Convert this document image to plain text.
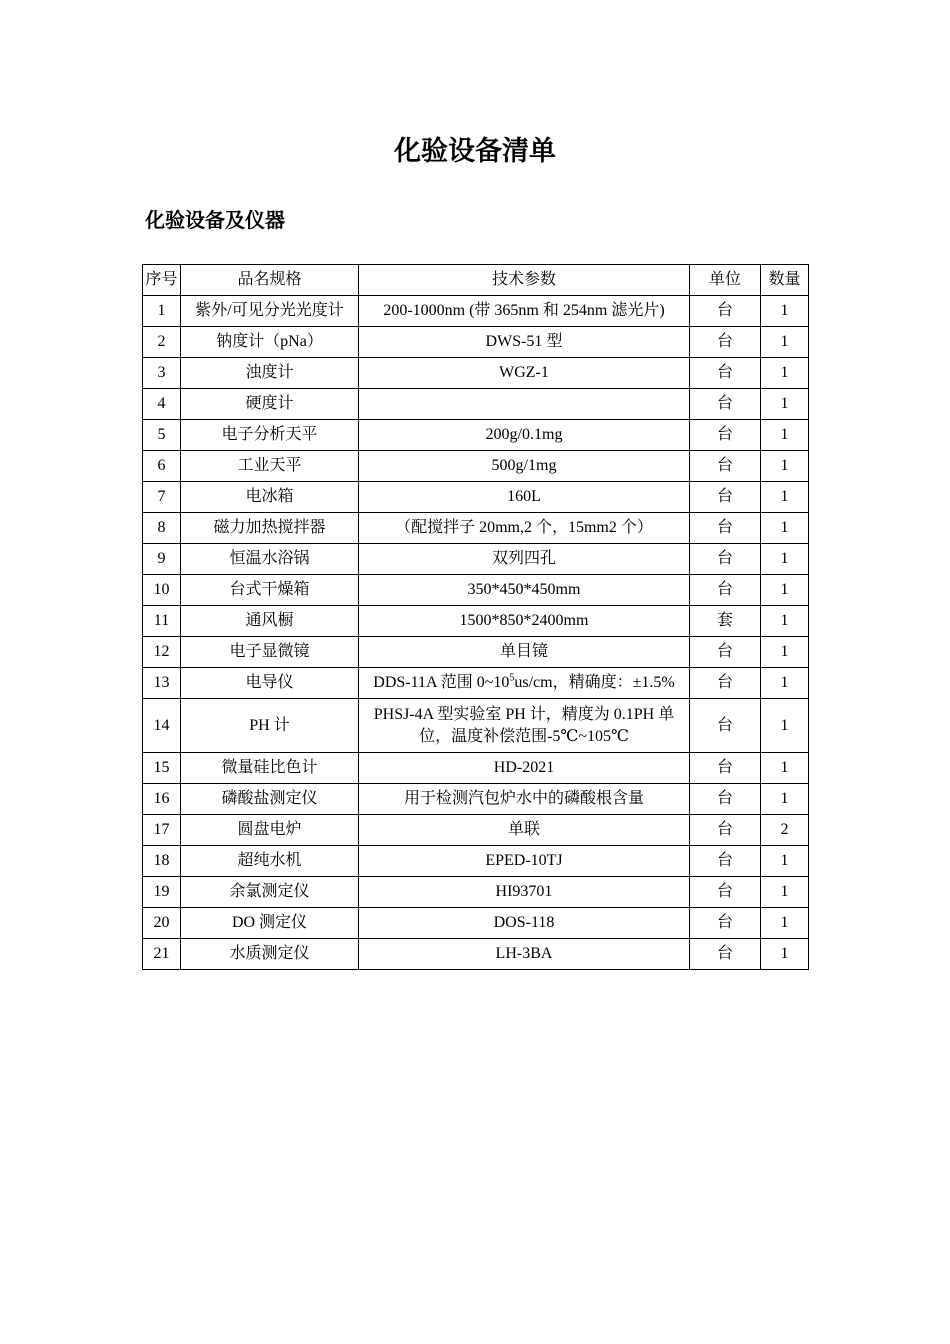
化验设备清单
化验设备及仪器
序号	品名规格	技术参数	单位	数量
1	紫外/可见分光光度计	200-1000nm (带 365nm 和 254nm 滤光片)	台	1
2	钠度计（pNa）	DWS-51 型	台	1
3	浊度计	WGZ-1	台	1
4	硬度计		台	1
5	电子分析天平	200g/0.1mg	台	1
6	工业天平	500g/1mg	台	1
7	电冰箱	160L	台	1
8	磁力加热搅拌器	（配搅拌子 20mm,2 个，15mm2 个）	台	1
9	恒温水浴锅	双列四孔	台	1
10	台式干燥箱	350*450*450mm	台	1
11	通风橱	1500*850*2400mm	套	1
12	电子显微镜	单目镜	台	1
13	电导仪	DDS-11A 范围 $0\sim 10^5us/cm$，精确度：±1.5%	台	1
14	PH 计	PHSJ-4A 型实验室 PH 计，精度为 0.1PH 单
位，温度补偿范围-5℃~105℃	台	1
15	微量硅比色计	HD-2021	台	1
16	磷酸盐测定仪	用于检测汽包炉水中的磷酸根含量	台	1
17	圆盘电炉	单联	台	2
18	超纯水机	EPED-10TJ	台	1
19	余氯测定仪	HI93701	台	1
20	DO 测定仪	DOS-118	台	1
21	水质测定仪	LH-3BA	台	1
